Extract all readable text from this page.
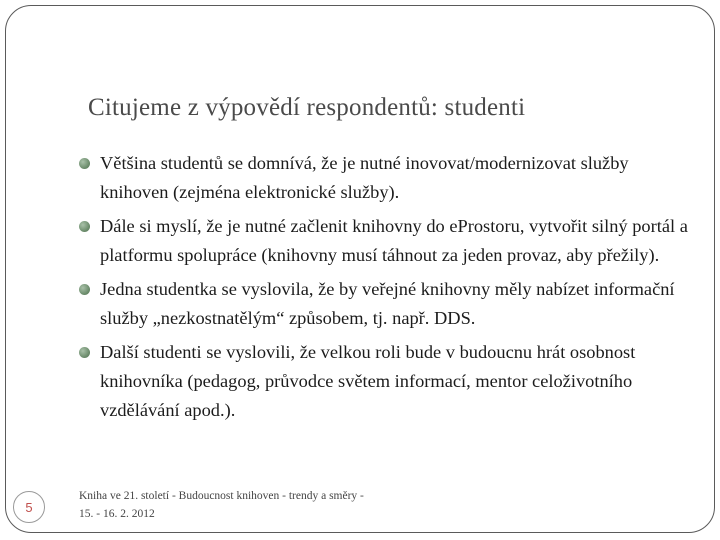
Citujeme z výpovědí respondentů: studenti
Většina studentů se domnívá, že je nutné inovovat/modernizovat služby knihoven (zejména elektronické služby).
Dále si myslí, že je nutné začlenit knihovny do eProstoru, vytvořit silný portál a platformu spolupráce (knihovny musí táhnout za jeden provaz, aby přežily).
Jedna studentka se vyslovila, že by veřejné knihovny měly nabízet informační služby „nezkostnatělým“ způsobem, tj. např. DDS.
Další studenti se vyslovili, že velkou roli bude v budoucnu hrát osobnost knihovníka (pedagog, průvodce světem informací, mentor celoživotního vzdělávání apod.).
5
Kniha ve 21. století - Budoucnost knihoven - trendy a směry - 15. - 16. 2. 2012
